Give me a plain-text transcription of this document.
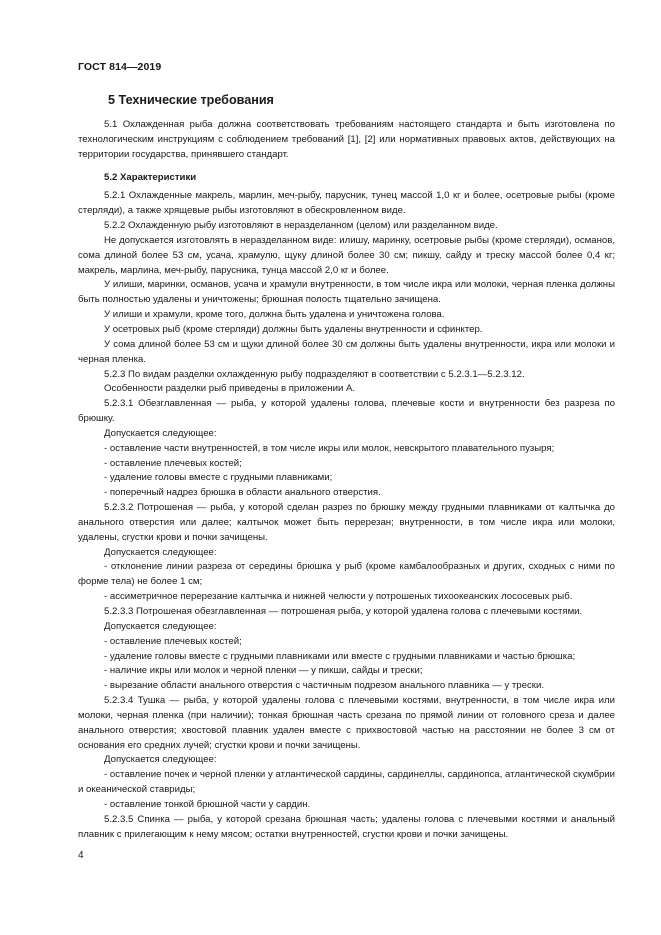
ГОСТ 814—2019

5 Технические требования

5.1 Охлажденная рыба должна соответствовать требованиям настоящего стандарта и быть изготовлена по технологическим инструкциям с соблюдением требований [1], [2] или нормативных правовых актов, действующих на территории государства, принявшего стандарт.

5.2 Характеристики

5.2.1 Охлажденные макрель, марлин, меч-рыбу, парусник, тунец массой 1,0 кг и более, осетровые рыбы (кроме стерляди), а также хрящевые рыбы изготовляют в обескровленном виде.

5.2.2 Охлажденную рыбу изготовляют в неразделанном (целом) или разделанном виде.

Не допускается изготовлять в неразделанном виде: илишу, маринку, осетровые рыбы (кроме стерляди), османов, сома длиной более 53 см, усача, храмулю, щуку длиной более 30 см; пикшу, сайду и треску массой более 0,4 кг; макрель, марлина, меч-рыбу, парусника, тунца массой 2,0 кг и более.

У илиши, маринки, османов, усача и храмули внутренности, в том числе икра или молоки, черная пленка должны быть полностью удалены и уничтожены; брюшная полость тщательно зачищена.

У илиши и храмули, кроме того, должна быть удалена и уничтожена голова.

У осетровых рыб (кроме стерляди) должны быть удалены внутренности и сфинктер.

У сома длиной более 53 см и щуки длиной более 30 см должны быть удалены внутренности, икра или молоки и черная пленка.

5.2.3 По видам разделки охлажденную рыбу подразделяют в соответствии с 5.2.3.1—5.2.3.12.

Особенности разделки рыб приведены в приложении А.

5.2.3.1 Обезглавленная — рыба, у которой удалены голова, плечевые кости и внутренности без разреза по брюшку.

Допускается следующее:

- оставление части внутренностей, в том числе икры или молок, невскрытого плавательного пузыря;

- оставление плечевых костей;

- удаление головы вместе с грудными плавниками;

- поперечный надрез брюшка в области анального отверстия.

5.2.3.2 Потрошеная — рыба, у которой сделан разрез по брюшку между грудными плавниками от калтычка до анального отверстия или далее; калтычок может быть перерезан; внутренности, в том числе икра или молоки, удалены, сгустки крови и почки зачищены.

Допускается следующее:

- отклонение линии разреза от середины брюшка у рыб (кроме камбалообразных и других, сходных с ними по форме тела) не более 1 см;

- ассиметричное перерезание калтычка и нижней челюсти у потрошеных тихоокеанских лососевых рыб.

5.2.3.3 Потрошеная обезглавленная — потрошеная рыба, у которой удалена голова с плечевыми костями.

Допускается следующее:

- оставление плечевых костей;

- удаление головы вместе с грудными плавниками или вместе с грудными плавниками и частью брюшка;

- наличие икры или молок и черной пленки — у пикши, сайды и трески;

- вырезание области анального отверстия с частичным подрезом анального плавника — у трески.

5.2.3.4 Тушка — рыба, у которой удалены голова с плечевыми костями, внутренности, в том числе икра или молоки, черная пленка (при наличии); тонкая брюшная часть срезана по прямой линии от головного среза и далее анального отверстия; хвостовой плавник удален вместе с прихвостовой частью на расстоянии не более 3 см от основания его средних лучей; сгустки крови и почки зачищены.

Допускается следующее:

- оставление почек и черной пленки у атлантической сардины, сардинеллы, сардинопса, атлантической скумбрии и океанической ставриды;

- оставление тонкой брюшной части у сардин.

5.2.3.5 Спинка — рыба, у которой срезана брюшная часть; удалены голова с плечевыми костями и анальный плавник с прилегающим к нему мясом; остатки внутренностей, сгустки крови и почки зачищены.

4
